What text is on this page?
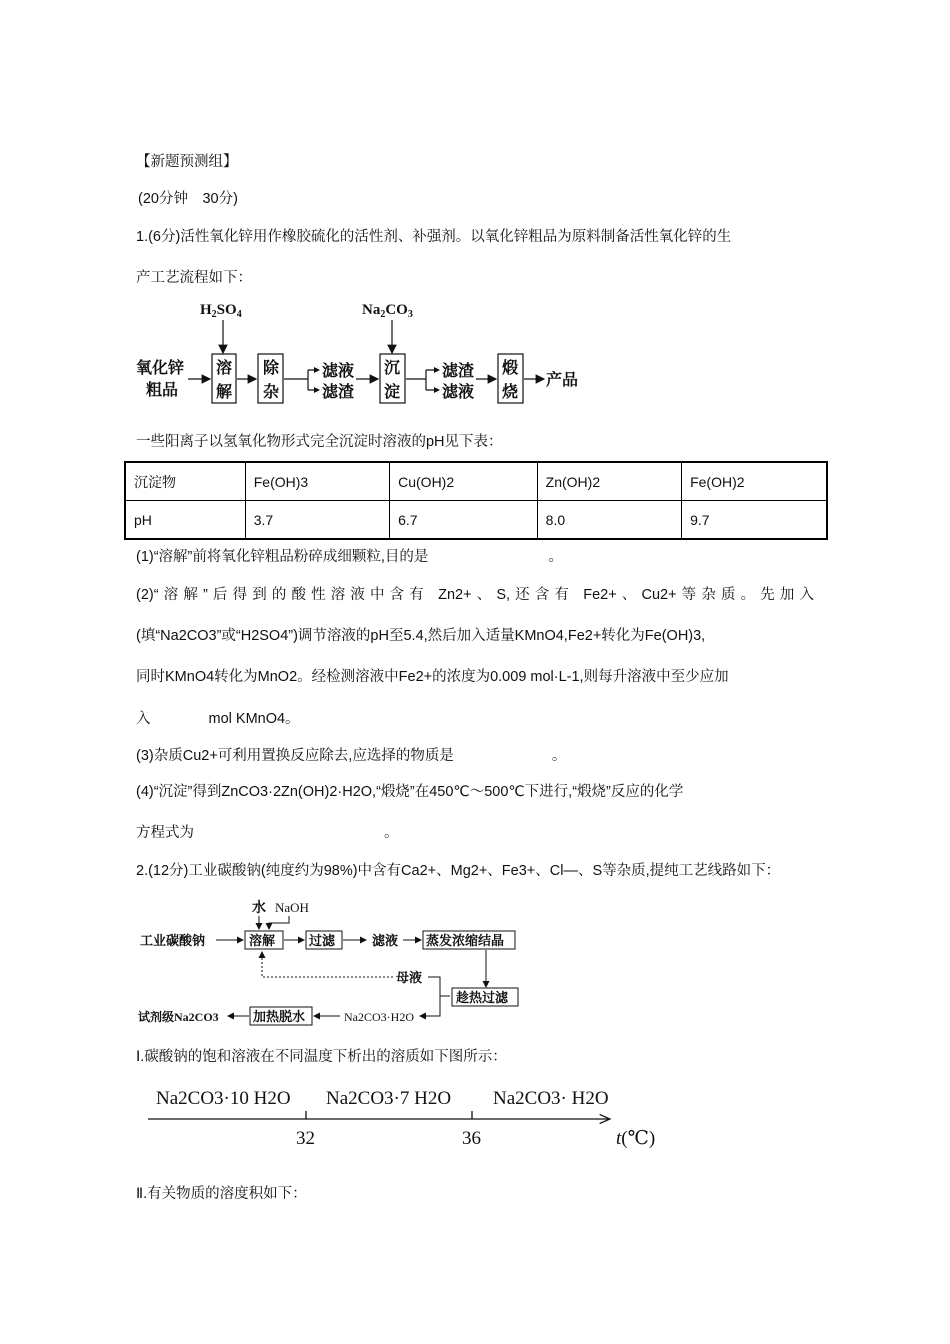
【新题预测组】
(20分钟　30分)
1.(6分)活性氧化锌用作橡胶硫化的活性剂、补强剂。以氧化锌粗品为原料制备活性氧化锌的生
产工艺流程如下：
氧化锌
粗品
$H_2SO_4$
溶
解
除
杂
滤液
滤渣
$Na_2CO_3$
沉
淀
滤渣
滤液
煅
烧
产品
一些阳离子以氢氧化物形式完全沉淀时溶液的pH见下表：
沉淀物	Fe(OH)3	Cu(OH)2	Zn(OH)2	Fe(OH)2
pH	3.7	6.7	8.0	9.7
(1)“溶解”前将氧化锌粗品粉碎成细颗粒,目的是	。
(2)“溶解”后得到的酸性溶液中含有 Zn2+、S,还含有 Fe2+、Cu2+等杂质。先加入
(填“Na2CO3”或“H2SO4”)调节溶液的pH至5.4,然后加入适量KMnO4,Fe2+转化为Fe(OH)3,
同时KMnO4转化为MnO2。经检测溶液中Fe2+的浓度为0.009 mol·L-1,则每升溶液中至少应加
入	mol KMnO4。
(3)杂质Cu2+可利用置换反应除去,应选择的物质是	。
(4)“沉淀”得到ZnCO3·2Zn(OH)2·H2O,“煅烧”在450℃～500℃下进行,“煅烧”反应的化学
方程式为	。
2.(12分)工业碳酸钠(纯度约为98%)中含有Ca2+、Mg2+、Fe3+、Cl—、S等杂质,提纯工艺线路如下：
水 NaOH
工业碳酸钠	溶解	过滤	滤液 蒸发浓缩结晶
趁热过滤
母液
Na2CO3·H2O
加热脱水
试剂级Na2CO3
Ⅰ.碳酸钠的饱和溶液在不同温度下析出的溶质如下图所示：
Na2CO3·10 H2O Na2CO3·7 H2O Na2CO3· H2O
32	36	t(℃)
Ⅱ.有关物质的溶度积如下：
